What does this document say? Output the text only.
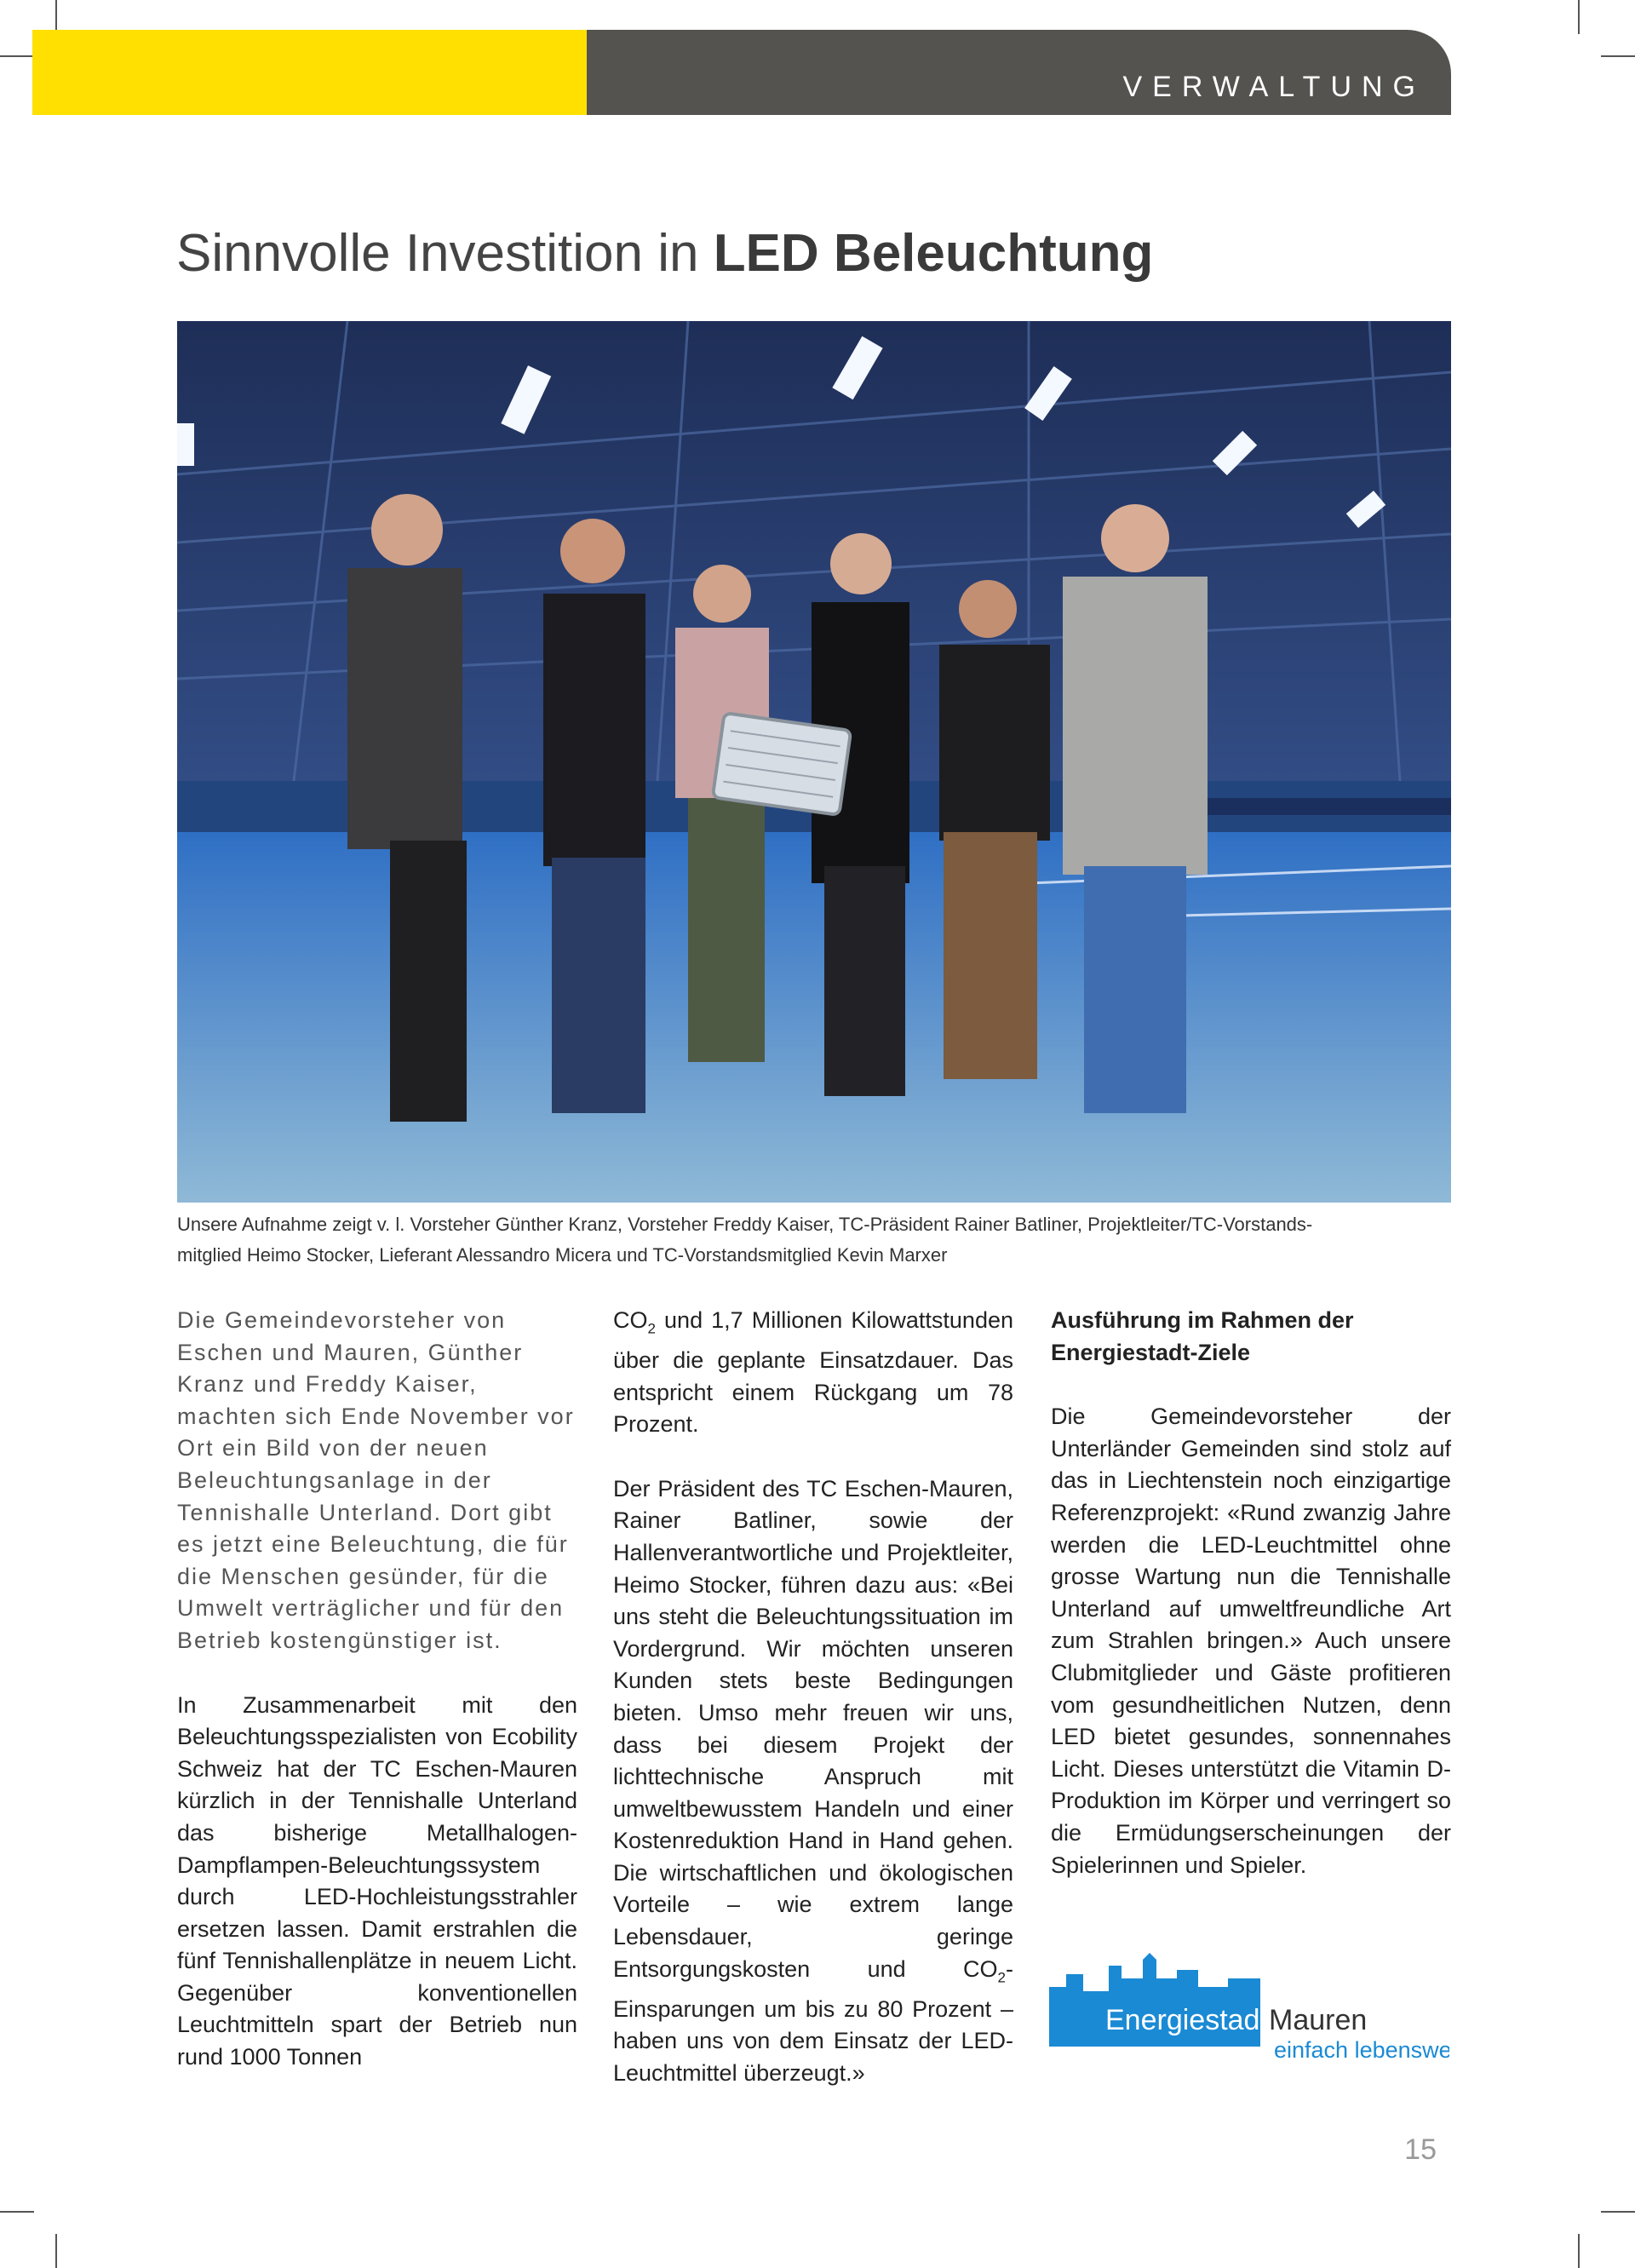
VERWALTUNG
Sinnvolle Investition in LED Beleuchtung
Unsere Aufnahme zeigt v. l. Vorsteher Günther Kranz, Vorsteher Freddy Kaiser, TC-Präsident Rainer Batliner, Projektleiter/TC-Vorstands-
mitglied Heimo Stocker, Lieferant Alessandro Micera und TC-Vorstandsmitglied Kevin Marxer

Die Gemeindevorsteher von Eschen und Mauren, Günther Kranz und Freddy Kaiser, machten sich Ende November vor Ort ein Bild von der neuen Beleuchtungsanlage in der Tennishalle Unterland. Dort gibt es jetzt eine Beleuchtung, die für die Menschen gesünder, für die Umwelt verträglicher und für den Betrieb kostengünstiger ist.

In Zusammenarbeit mit den Beleuchtungsspezialisten von Ecobility Schweiz hat der TC Eschen-Mauren kürzlich in der Tennishalle Unterland das bisherige Metallhalogen-Dampflampen-Beleuchtungssystem durch LED-Hochleistungsstrahler ersetzen lassen. Damit erstrahlen die fünf Tennishallenplätze in neuem Licht. Gegenüber konventionellen Leuchtmitteln spart der Betrieb nun rund 1000 Tonnen

$CO_2$ und 1,7 Millionen Kilowattstunden über die geplante Einsatzdauer. Das entspricht einem Rückgang um 78 Prozent.

Der Präsident des TC Eschen-Mauren, Rainer Batliner, sowie der Hallenverantwortliche und Projektleiter, Heimo Stocker, führen dazu aus: «Bei uns steht die Beleuchtungssituation im Vordergrund. Wir möchten unseren Kunden stets beste Bedingungen bieten. Umso mehr freuen wir uns, dass bei diesem Projekt der lichttechnische Anspruch mit umweltbewusstem Handeln und einer Kostenreduktion Hand in Hand gehen. Die wirtschaftlichen und ökologischen Vorteile – wie extrem lange Lebensdauer, geringe Entsorgungskosten und $CO_2$-Einsparungen um bis zu 80 Prozent – haben uns von dem Einsatz der LED-Leuchtmittel überzeugt.»

Ausführung im Rahmen der Energiestadt-Ziele

Die Gemeindevorsteher der Unterländer Gemeinden sind stolz auf das in Liechtenstein noch einzigartige Referenzprojekt: «Rund zwanzig Jahre werden die LED-Leuchtmittel ohne grosse Wartung nun die Tennishalle Unterland auf umweltfreundliche Art zum Strahlen bringen.» Auch unsere Clubmitglieder und Gäste profitieren vom gesundheitlichen Nutzen, denn LED bietet gesundes, sonnennahes Licht. Dieses unterstützt die Vitamin D-Produktion im Körper und verringert so die Ermüdungserscheinungen der Spielerinnen und Spieler.

Energiestadt Mauren
einfach lebenswert
15
